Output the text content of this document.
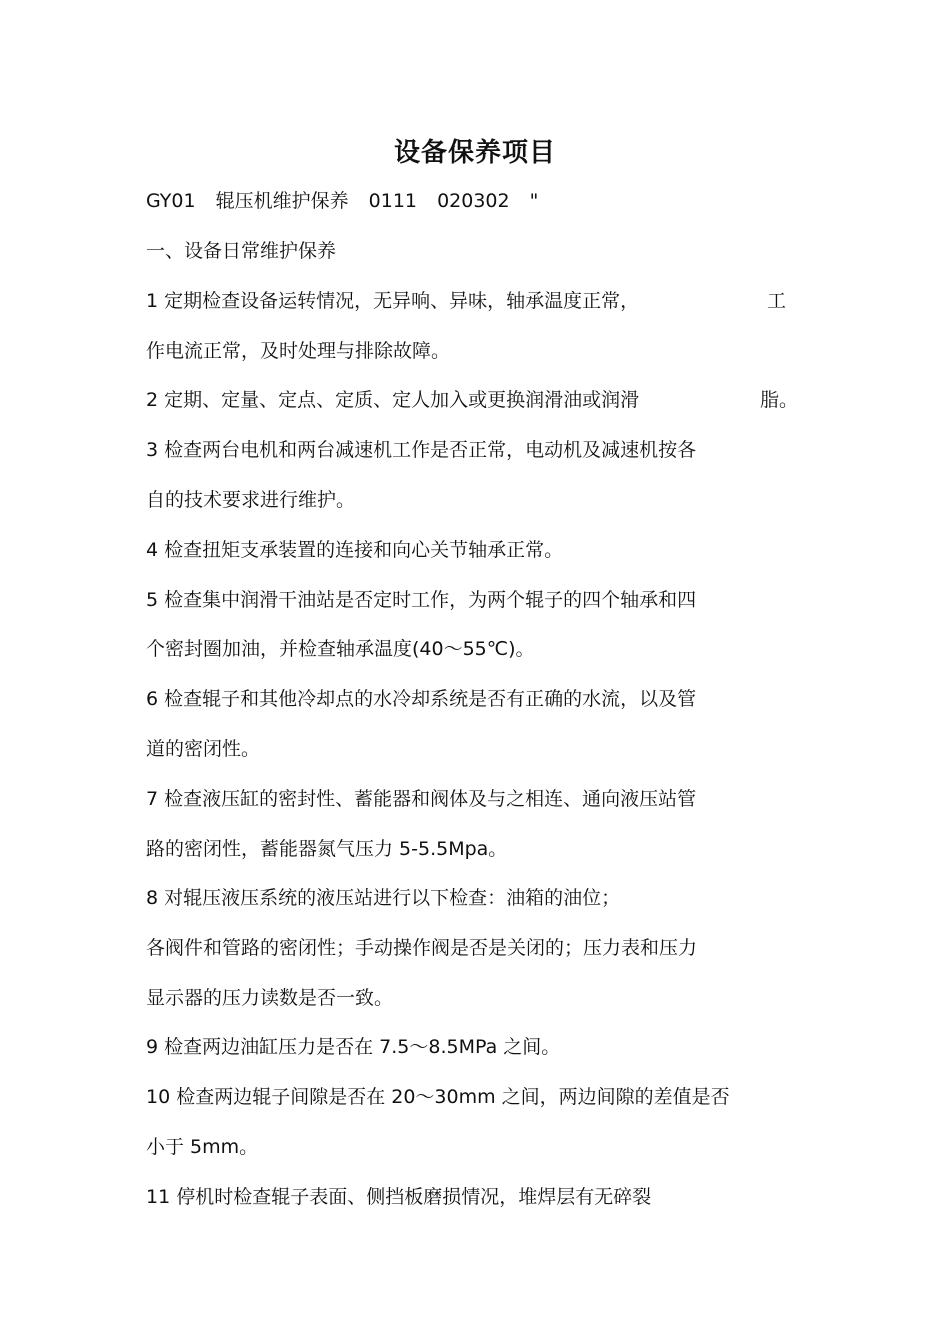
设备保养项目
GY01 辊压机维护保养 0111 020302 "
一、设备日常维护保养
1 定期检查设备运转情况，无异响、异味，轴承温度正常，	工
作电流正常，及时处理与排除故障。
2 定期、定量、定点、定质、定人加入或更换润滑油或润滑	脂。
3 检查两台电机和两台减速机工作是否正常，电动机及减速机按各
自的技术要求进行维护。
4 检查扭矩支承装置的连接和向心关节轴承正常。
5 检查集中润滑干油站是否定时工作，为两个辊子的四个轴承和四
个密封圈加油，并检查轴承温度(40～55℃)。
6 检查辊子和其他冷却点的水冷却系统是否有正确的水流，以及管
道的密闭性。
7 检查液压缸的密封性、蓄能器和阀体及与之相连、通向液压站管
路的密闭性，蓄能器氮气压力 5-5.5Mpa。
8 对辊压液压系统的液压站进行以下检查：油箱的油位；
各阀件和管路的密闭性；手动操作阀是否是关闭的；压力表和压力
显示器的压力读数是否一致。
9 检查两边油缸压力是否在 7.5～8.5MPa 之间。
10 检查两边辊子间隙是否在 20～30mm 之间，两边间隙的差值是否
小于 5mm。
11 停机时检查辊子表面、侧挡板磨损情况，堆焊层有无碎裂
